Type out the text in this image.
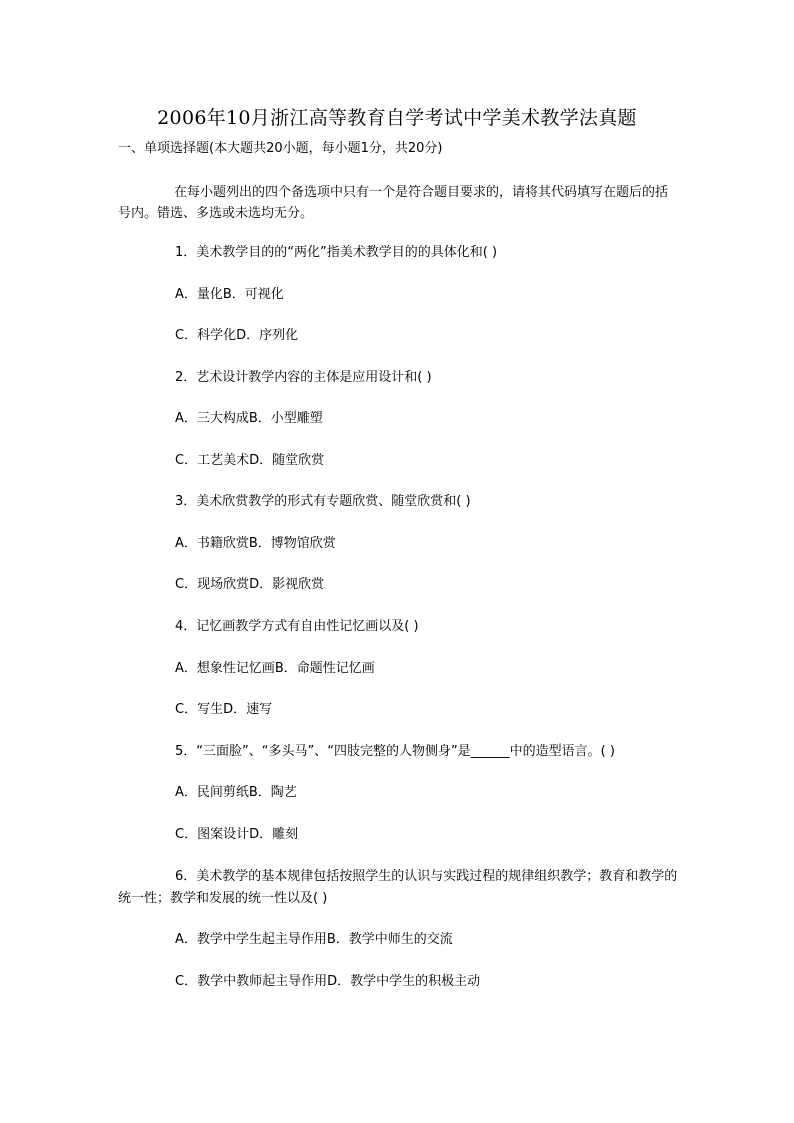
2006年10月浙江高等教育自学考试中学美术教学法真题
一、单项选择题(本大题共20小题，每小题1分，共20分)
在每小题列出的四个备选项中只有一个是符合题目要求的，请将其代码填写在题后的括号内。错选、多选或未选均无分。
1．美术教学目的的“两化”指美术教学目的的具体化和( )
A．量化B．可视化
C．科学化D．序列化
2．艺术设计教学内容的主体是应用设计和( )
A．三大构成B．小型雕塑
C．工艺美术D．随堂欣赏
3．美术欣赏教学的形式有专题欣赏、随堂欣赏和( )
A．书籍欣赏B．博物馆欣赏
C．现场欣赏D．影视欣赏
4．记忆画教学方式有自由性记忆画以及( )
A．想象性记忆画B．命题性记忆画
C．写生D．速写
5．“三面脸”、“多头马”、“四肢完整的人物侧身”是______中的造型语言。( )
A．民间剪纸B．陶艺
C．图案设计D．雕刻
6．美术教学的基本规律包括按照学生的认识与实践过程的规律组织教学；教育和教学的统一性；教学和发展的统一性以及( )
A．教学中学生起主导作用B．教学中师生的交流
C．教学中教师起主导作用D．教学中学生的积极主动
